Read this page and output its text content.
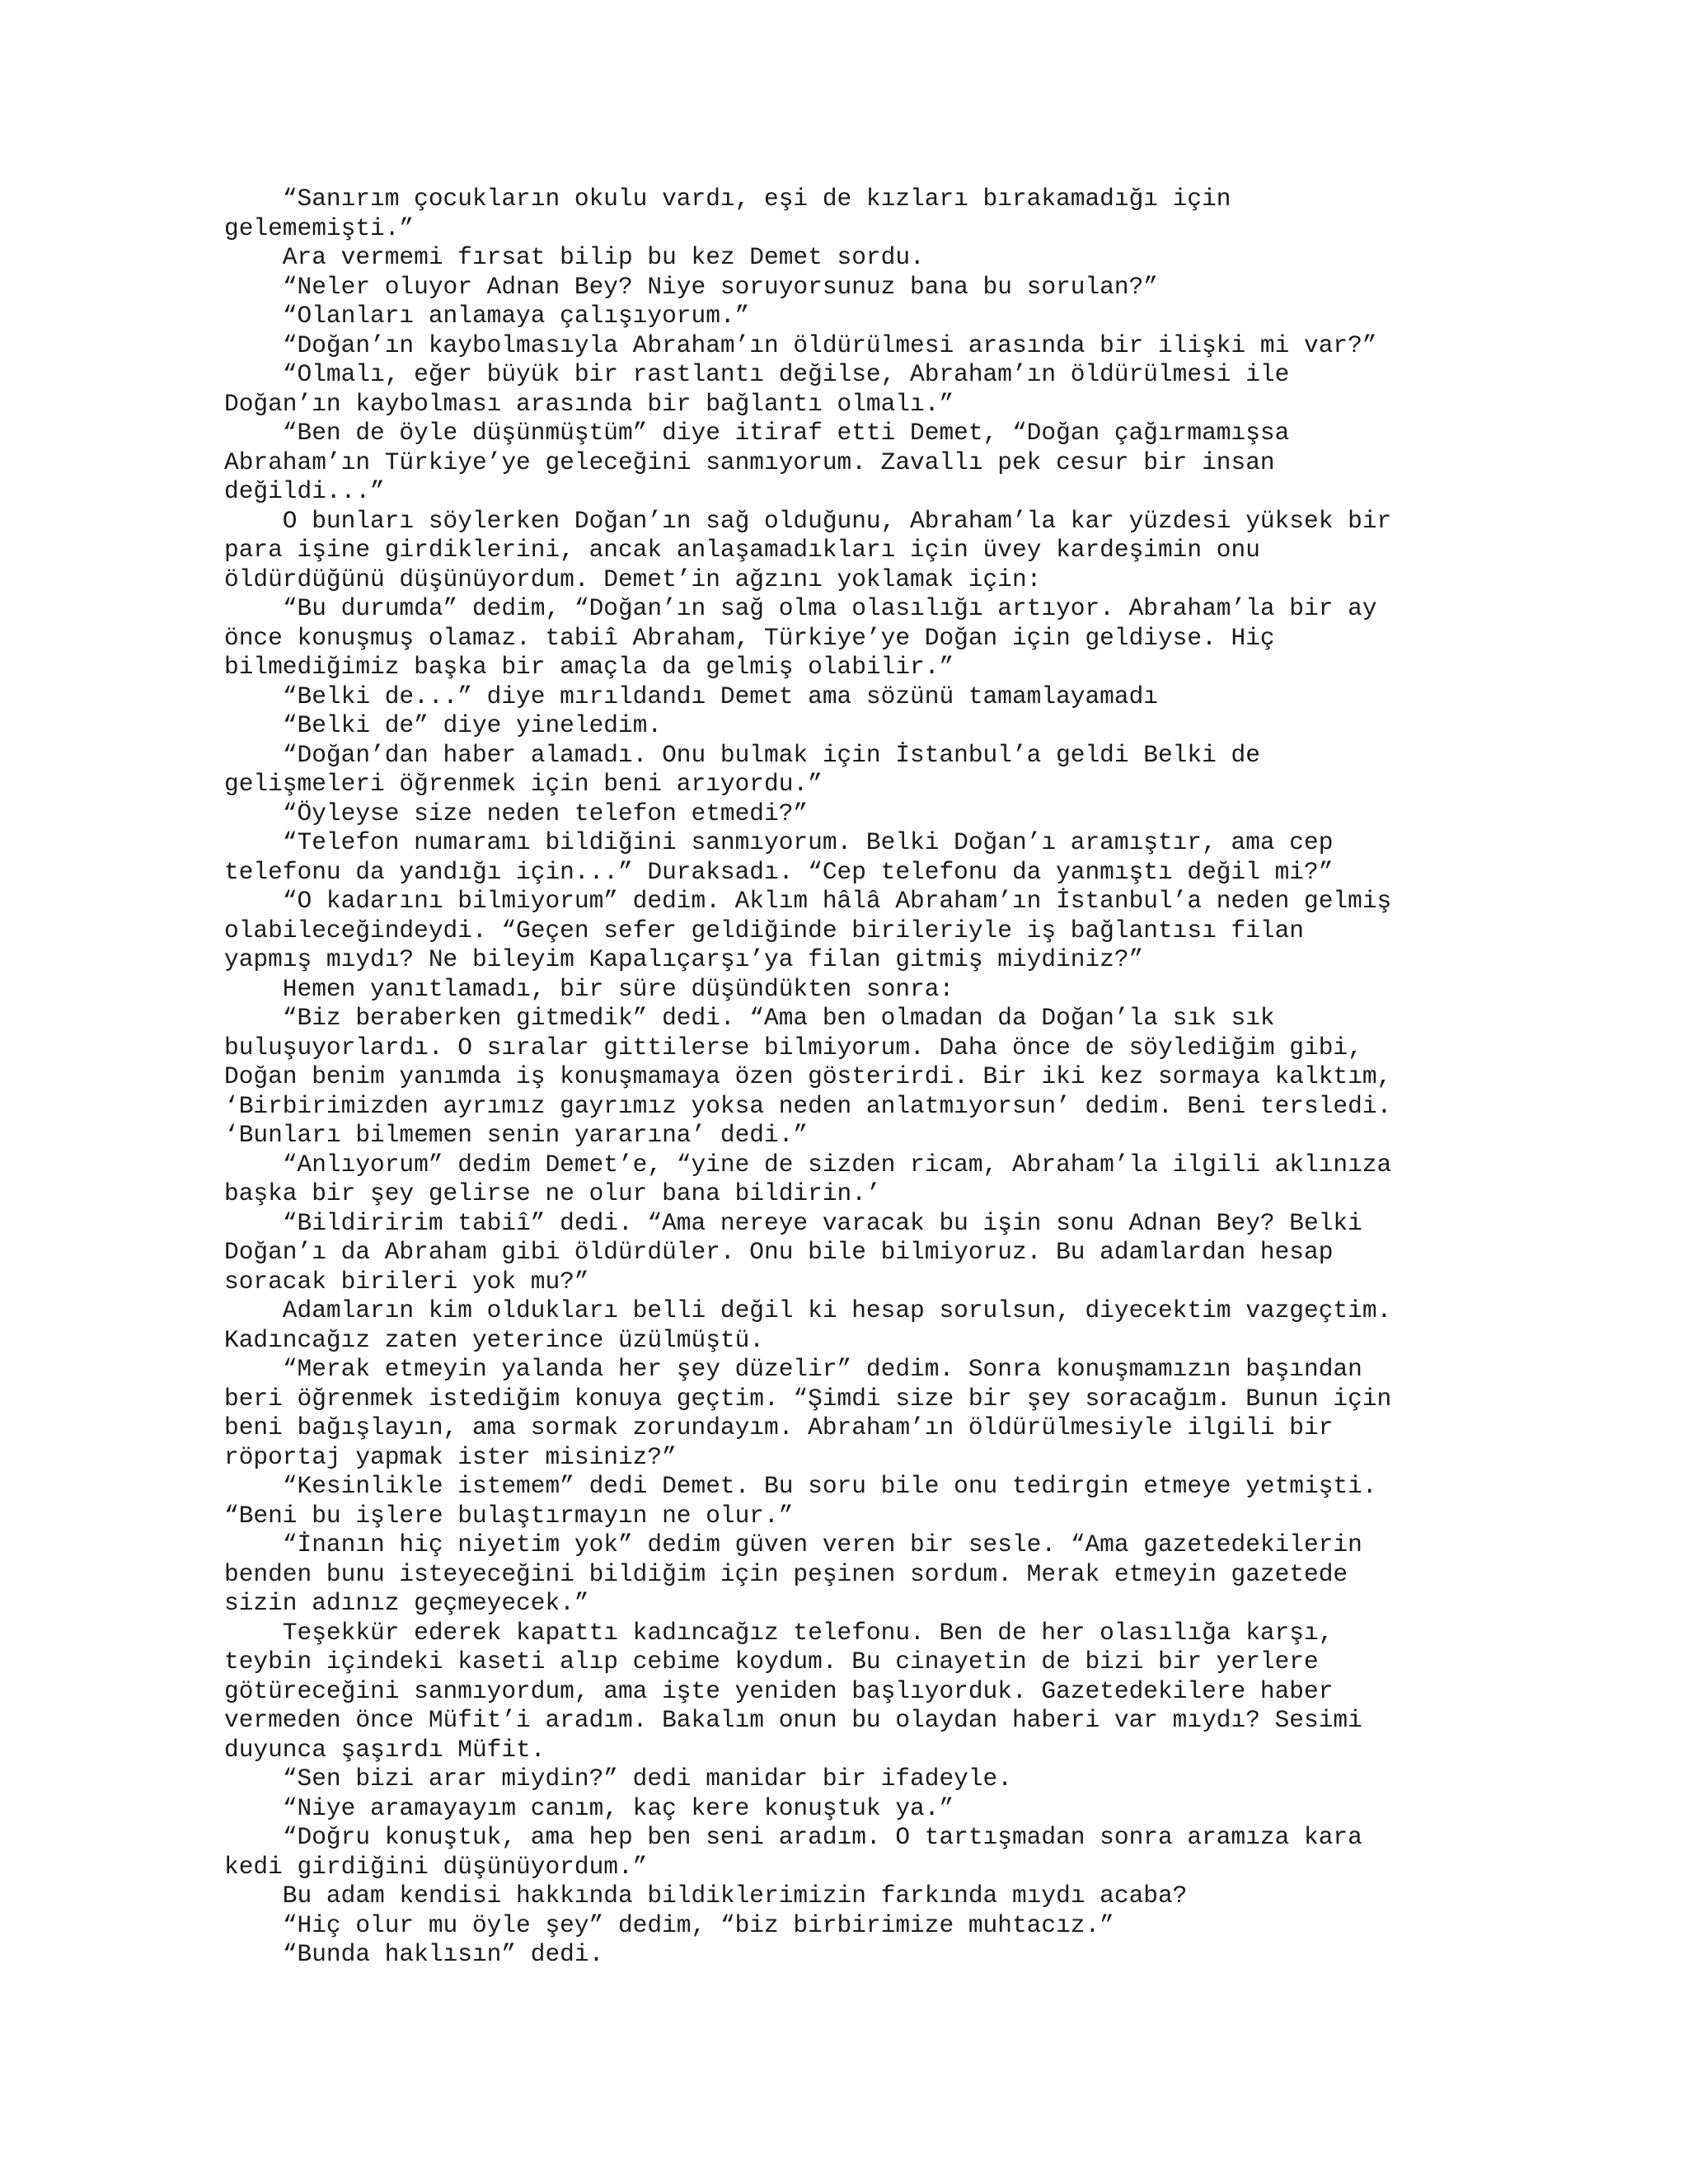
“Sanırım çocukların okulu vardı, eşi de kızları bırakamadığı için
gelememişti.”
Ara vermemi fırsat bilip bu kez Demet sordu.
“Neler oluyor Adnan Bey? Niye soruyorsunuz bana bu sorulan?”
“Olanları anlamaya çalışıyorum.”
“Doğan’ın kaybolmasıyla Abraham’ın öldürülmesi arasında bir ilişki mi var?”
“Olmalı, eğer büyük bir rastlantı değilse, Abraham’ın öldürülmesi ile
Doğan’ın kaybolması arasında bir bağlantı olmalı.”
“Ben de öyle düşünmüştüm” diye itiraf etti Demet, “Doğan çağırmamışsa
Abraham’ın Türkiye’ye geleceğini sanmıyorum. Zavallı pek cesur bir insan
değildi...”
O bunları söylerken Doğan’ın sağ olduğunu, Abraham’la kar yüzdesi yüksek bir
para işine girdiklerini, ancak anlaşamadıkları için üvey kardeşimin onu
öldürdüğünü düşünüyordum. Demet’in ağzını yoklamak için:
“Bu durumda” dedim, “Doğan’ın sağ olma olasılığı artıyor. Abraham’la bir ay
önce konuşmuş olamaz. tabiî Abraham, Türkiye’ye Doğan için geldiyse. Hiç
bilmediğimiz başka bir amaçla da gelmiş olabilir.”
“Belki de...” diye mırıldandı Demet ama sözünü tamamlayamadı
“Belki de” diye yineledim.
“Doğan’dan haber alamadı. Onu bulmak için İstanbul’a geldi Belki de
gelişmeleri öğrenmek için beni arıyordu.”
“Öyleyse size neden telefon etmedi?”
“Telefon numaramı bildiğini sanmıyorum. Belki Doğan’ı aramıştır, ama cep
telefonu da yandığı için...” Duraksadı. “Cep telefonu da yanmıştı değil mi?”
“O kadarını bilmiyorum” dedim. Aklım hâlâ Abraham’ın İstanbul’a neden gelmiş
olabileceğindeydi. “Geçen sefer geldiğinde birileriyle iş bağlantısı filan
yapmış mıydı? Ne bileyim Kapalıçarşı’ya filan gitmiş miydiniz?”
Hemen yanıtlamadı, bir süre düşündükten sonra:
“Biz beraberken gitmedik” dedi. “Ama ben olmadan da Doğan’la sık sık
buluşuyorlardı. O sıralar gittilerse bilmiyorum. Daha önce de söylediğim gibi,
Doğan benim yanımda iş konuşmamaya özen gösterirdi. Bir iki kez sormaya kalktım,
‘Birbirimizden ayrımız gayrımız yoksa neden anlatmıyorsun’ dedim. Beni tersledi.
‘Bunları bilmemen senin yararına’ dedi.”
“Anlıyorum” dedim Demet’e, “yine de sizden ricam, Abraham’la ilgili aklınıza
başka bir şey gelirse ne olur bana bildirin.’
“Bildiririm tabiî” dedi. “Ama nereye varacak bu işin sonu Adnan Bey? Belki
Doğan’ı da Abraham gibi öldürdüler. Onu bile bilmiyoruz. Bu adamlardan hesap
soracak birileri yok mu?”
Adamların kim oldukları belli değil ki hesap sorulsun, diyecektim vazgeçtim.
Kadıncağız zaten yeterince üzülmüştü.
“Merak etmeyin yalanda her şey düzelir” dedim. Sonra konuşmamızın başından
beri öğrenmek istediğim konuya geçtim. “Şimdi size bir şey soracağım. Bunun için
beni bağışlayın, ama sormak zorundayım. Abraham’ın öldürülmesiyle ilgili bir
röportaj yapmak ister misiniz?”
“Kesinlikle istemem” dedi Demet. Bu soru bile onu tedirgin etmeye yetmişti.
“Beni bu işlere bulaştırmayın ne olur.”
“İnanın hiç niyetim yok” dedim güven veren bir sesle. “Ama gazetedekilerin
benden bunu isteyeceğini bildiğim için peşinen sordum. Merak etmeyin gazetede
sizin adınız geçmeyecek.”
Teşekkür ederek kapattı kadıncağız telefonu. Ben de her olasılığa karşı,
teybin içindeki kaseti alıp cebime koydum. Bu cinayetin de bizi bir yerlere
götüreceğini sanmıyordum, ama işte yeniden başlıyorduk. Gazetedekilere haber
vermeden önce Müfit’i aradım. Bakalım onun bu olaydan haberi var mıydı? Sesimi
duyunca şaşırdı Müfit.
“Sen bizi arar miydin?” dedi manidar bir ifadeyle.
“Niye aramayayım canım, kaç kere konuştuk ya.”
“Doğru konuştuk, ama hep ben seni aradım. O tartışmadan sonra aramıza kara
kedi girdiğini düşünüyordum.”
Bu adam kendisi hakkında bildiklerimizin farkında mıydı acaba?
“Hiç olur mu öyle şey” dedim, “biz birbirimize muhtacız.”
“Bunda haklısın” dedi.
